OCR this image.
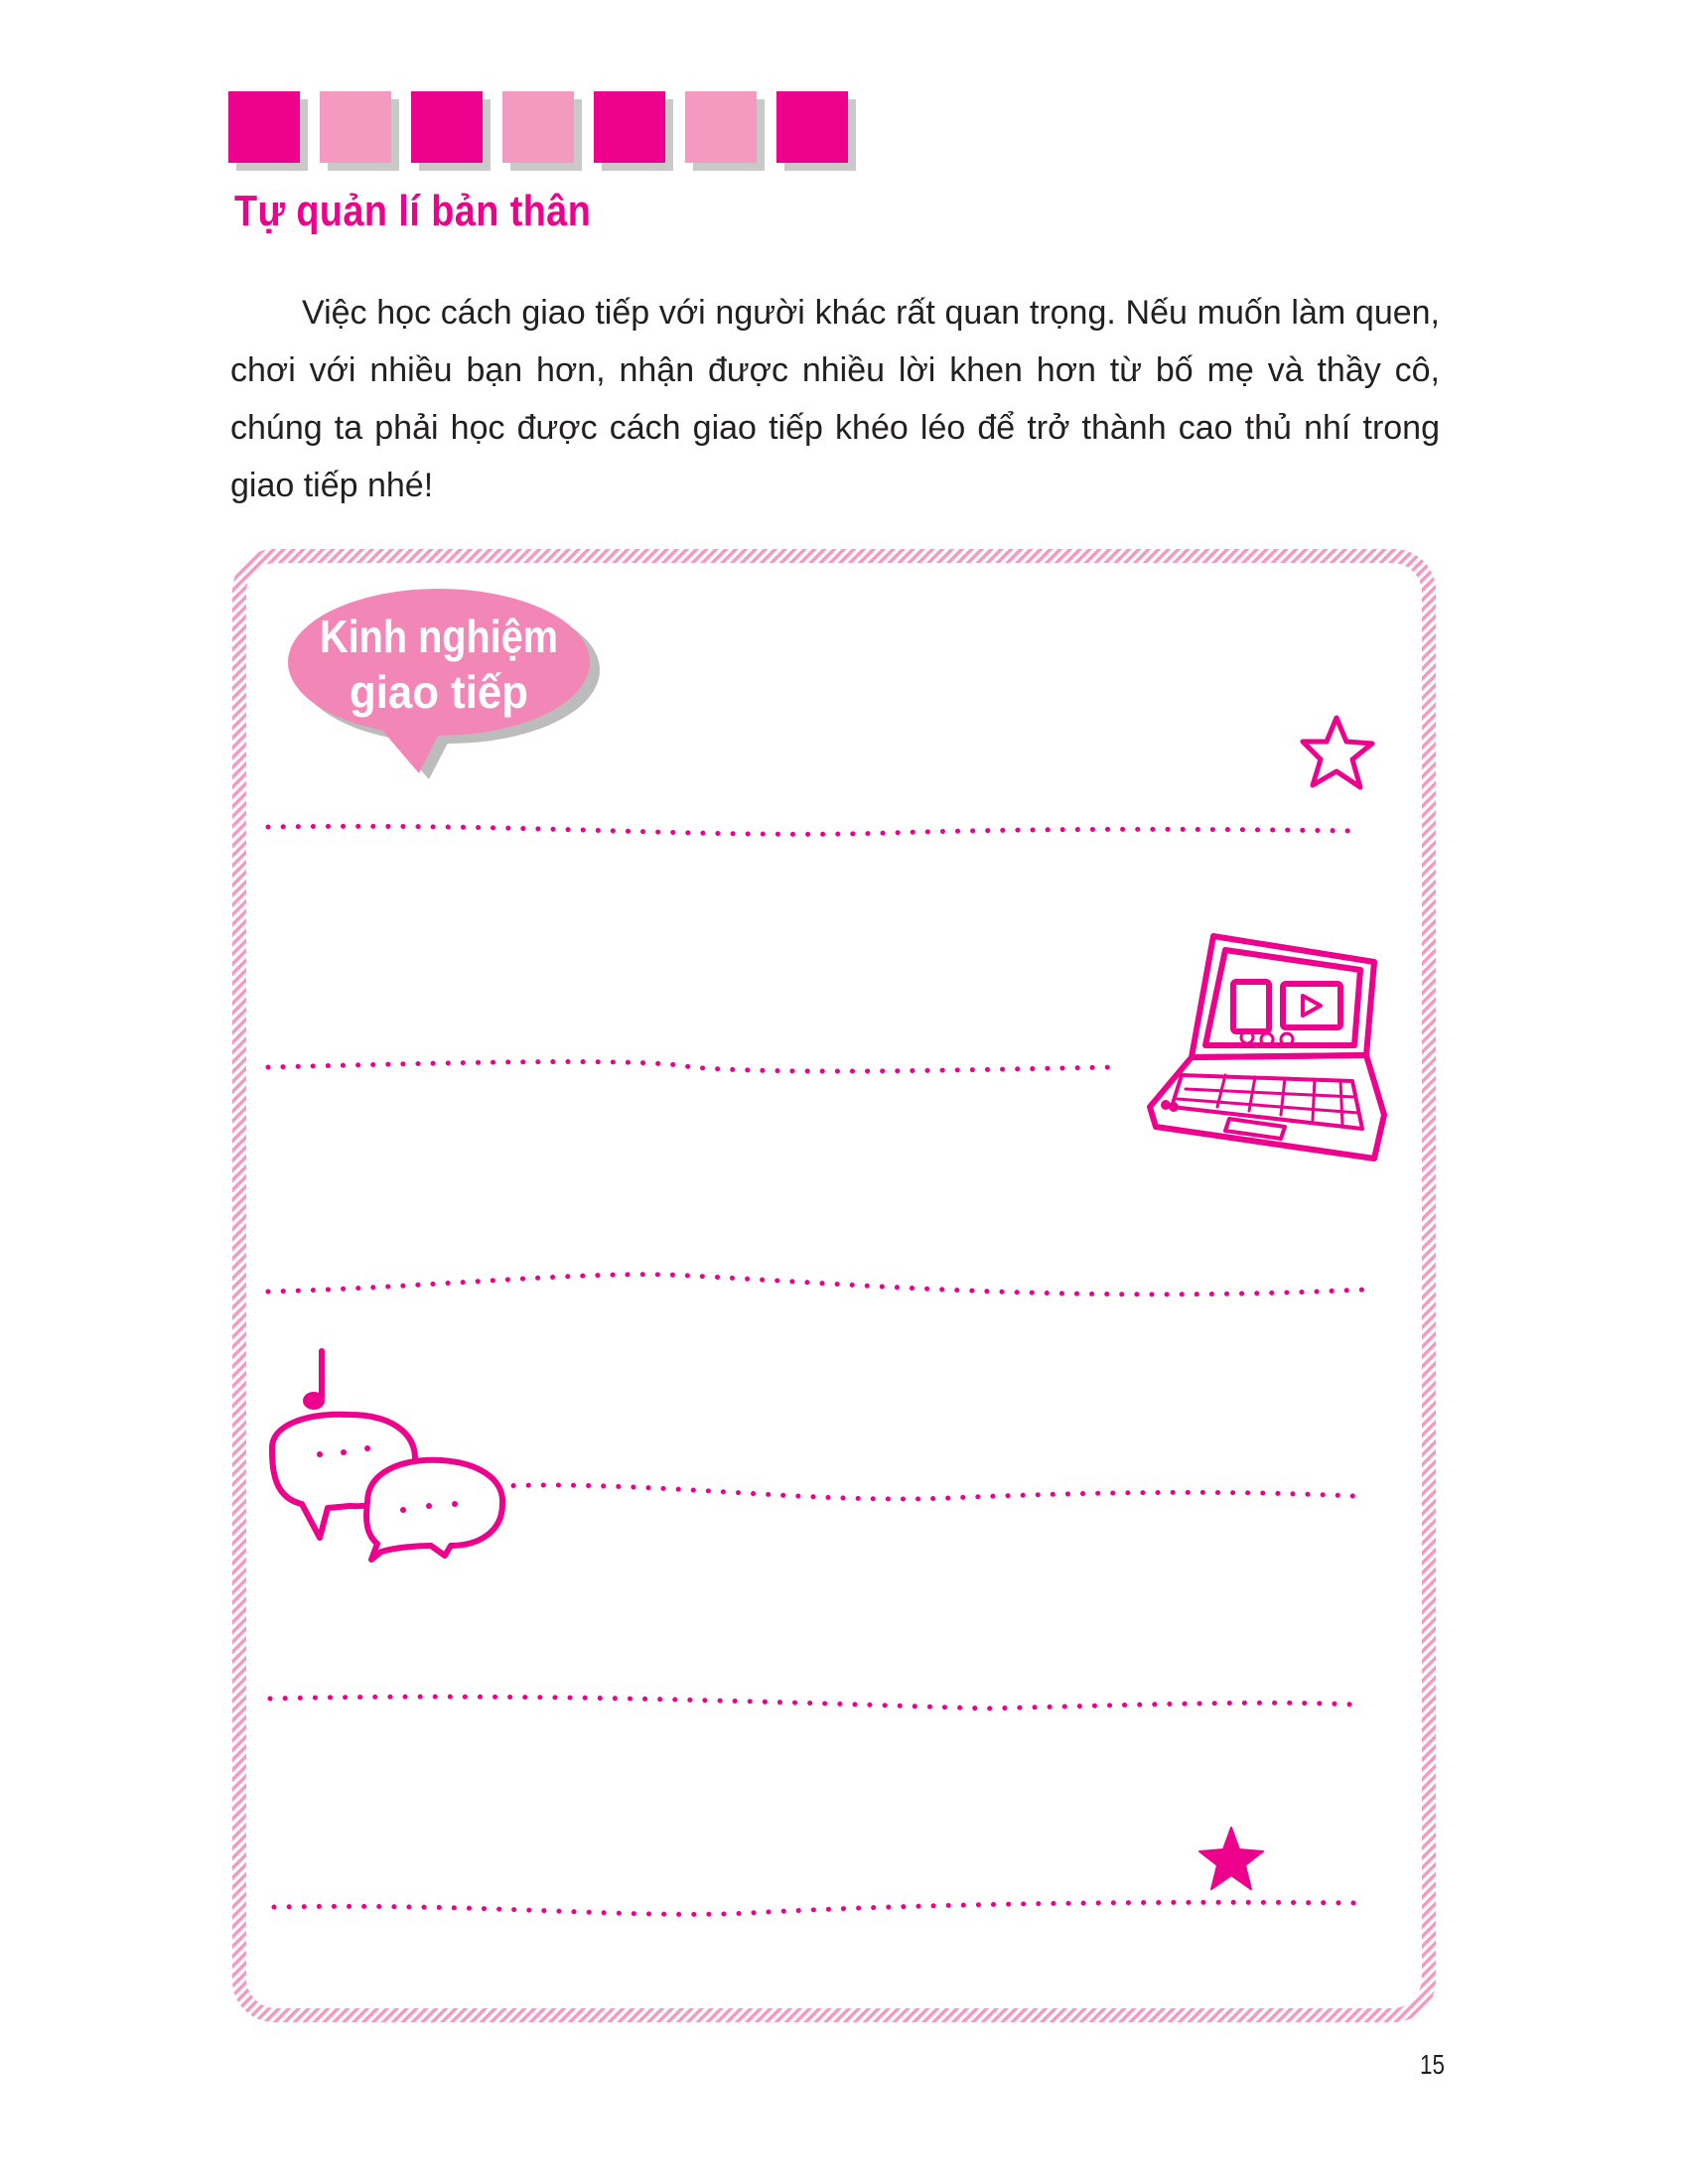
Tự quản lí bản thân

Việc học cách giao tiếp với người khác rất quan trọng. Nếu muốn làm quen, chơi với nhiều bạn hơn, nhận được nhiều lời khen hơn từ bố mẹ và thầy cô, chúng ta phải học được cách giao tiếp khéo léo để trở thành cao thủ nhí trong giao tiếp nhé!

Kinh nghiệm
giao tiếp

15
